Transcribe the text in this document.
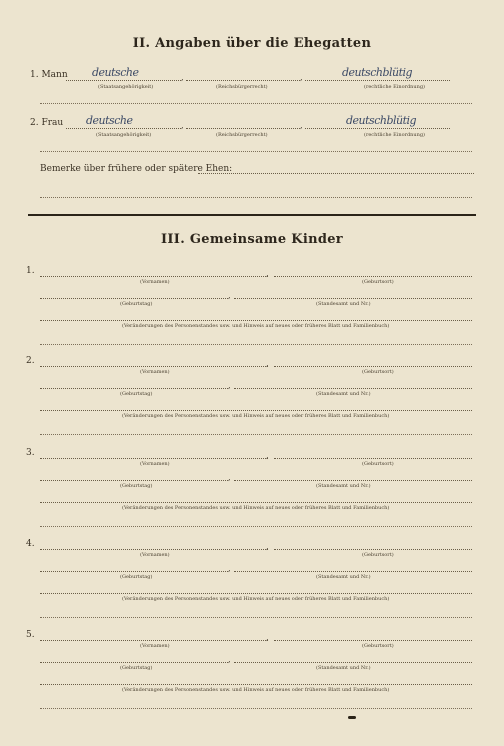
II. Angaben über die Ehegatten
1. Mann deutsche	,	,	deutschblütig
(Staatsangehörigkeit)	(Reichsbürgerrecht)	(rechtliche Einordnung)
2. Frau deutsche	,	,	deutschblütig
(Staatsangehörigkeit)	(Reichsbürgerrecht)	(rechtliche Einordnung)
Bemerke über frühere oder spätere Ehen:
III. Gemeinsame Kinder
1.	,
(Vornamen)	(Geburtsort)
,
(Geburtstag)	(Standesamt und Nr.)
(Veränderungen des Personenstandes usw. und Hinweis auf neues oder früheres Blatt und Familienbuch)
2.	,
(Vornamen)	(Geburtsort)
,
(Geburtstag)	(Standesamt und Nr.)
(Veränderungen des Personenstandes usw. und Hinweis auf neues oder früheres Blatt und Familienbuch)
3.	,
(Vornamen)	(Geburtsort)
,
(Geburtstag)	(Standesamt und Nr.)
(Veränderungen des Personenstandes usw. und Hinweis auf neues oder früheres Blatt und Familienbuch)
4.	,
(Vornamen)	(Geburtsort)
,
(Geburtstag)	(Standesamt und Nr.)
(Veränderungen des Personenstandes usw. und Hinweis auf neues oder früheres Blatt und Familienbuch)
5.	,
(Vornamen)	(Geburtsort)
,
(Geburtstag)	(Standesamt und Nr.)
(Veränderungen des Personenstandes usw. und Hinweis auf neues oder früheres Blatt und Familienbuch)
